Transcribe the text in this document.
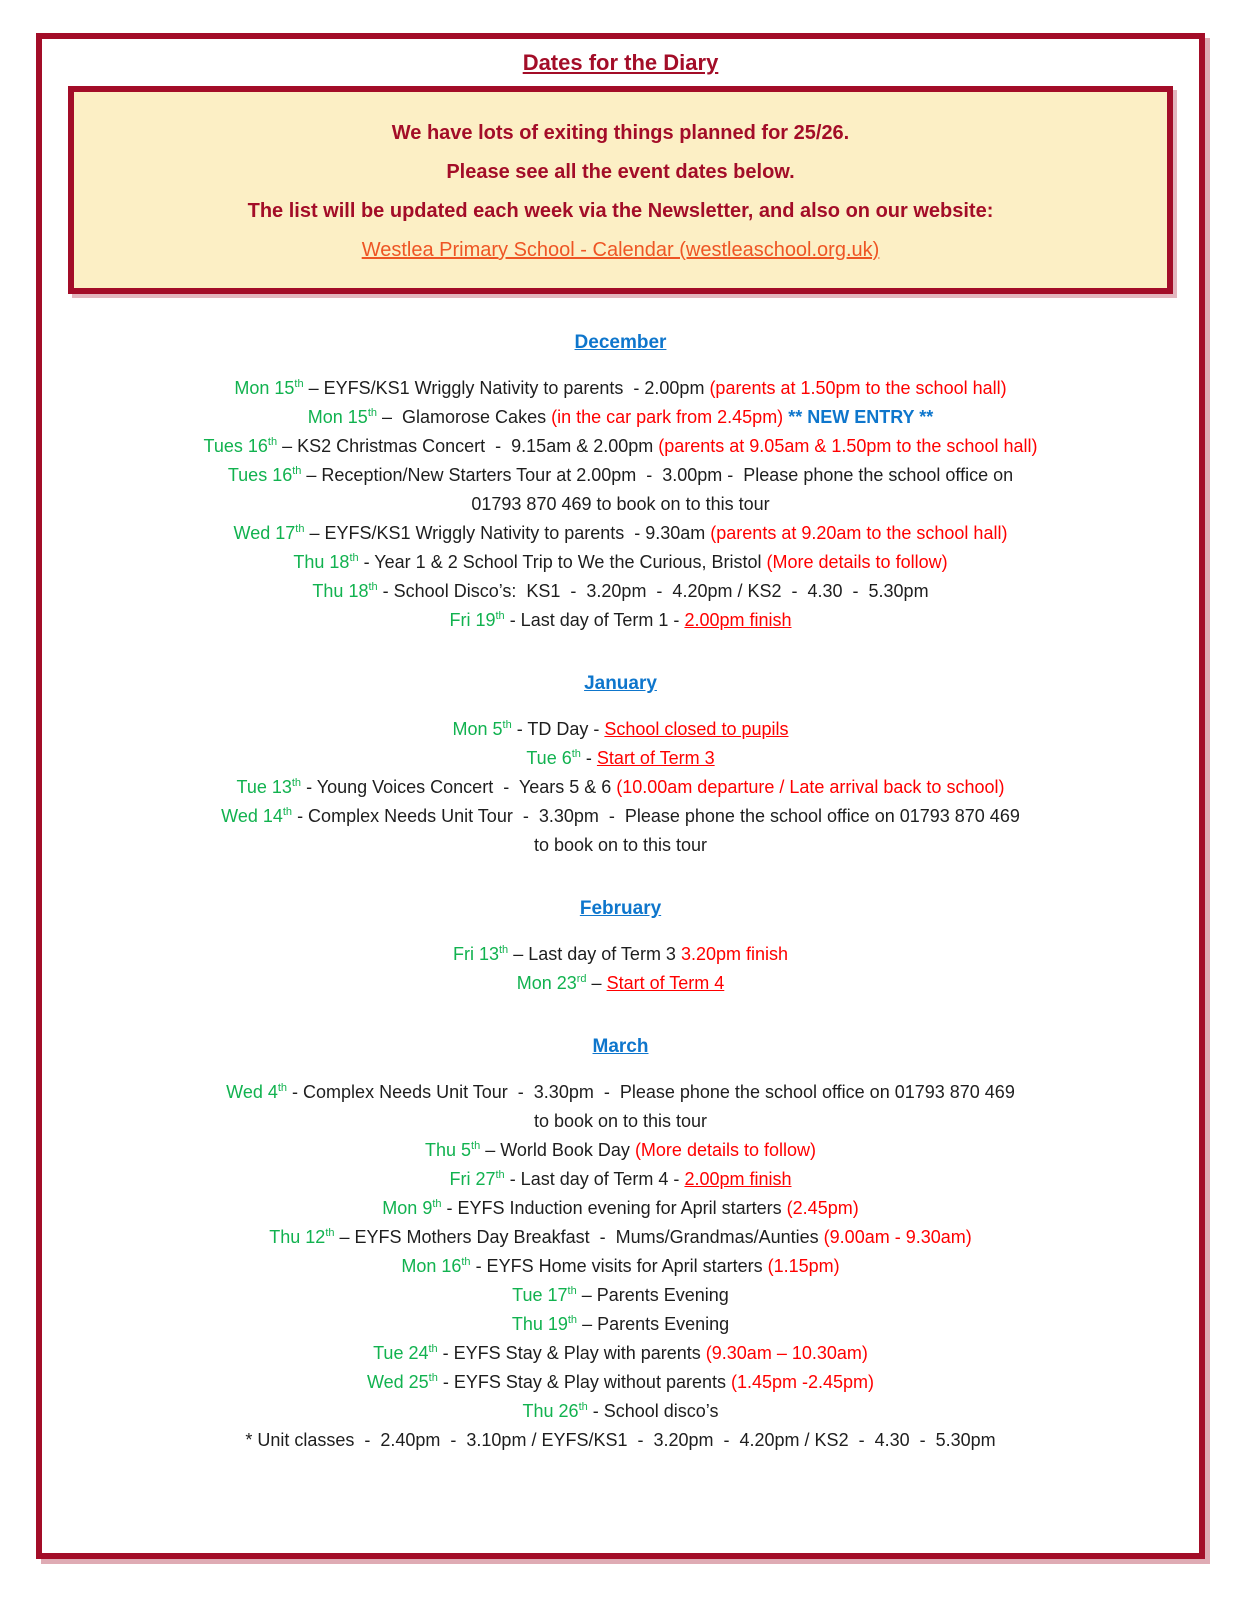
Dates for the Diary

We have lots of exiting things planned for 25/26.

Please see all the event dates below.

The list will be updated each week via the Newsletter, and also on our website:

Westlea Primary School - Calendar (westleaschool.org.uk)

December

Mon 15th – EYFS/KS1 Wriggly Nativity to parents  - 2.00pm (parents at 1.50pm to the school hall)

Mon 15th –  Glamorose Cakes (in the car park from 2.45pm) ** NEW ENTRY **

Tues 16th – KS2 Christmas Concert  -  9.15am & 2.00pm (parents at 9.05am & 1.50pm to the school hall)

Tues 16th – Reception/New Starters Tour at 2.00pm  -  3.00pm -  Please phone the school office on

01793 870 469 to book on to this tour

Wed 17th – EYFS/KS1 Wriggly Nativity to parents  - 9.30am (parents at 9.20am to the school hall)

Thu 18th - Year 1 & 2 School Trip to We the Curious, Bristol (More details to follow)

Thu 18th - School Disco’s:  KS1  -  3.20pm  -  4.20pm / KS2  -  4.30  -  5.30pm

Fri 19th - Last day of Term 1 - 2.00pm finish

January

Mon 5th - TD Day - School closed to pupils

Tue 6th - Start of Term 3

Tue 13th - Young Voices Concert  -  Years 5 & 6 (10.00am departure / Late arrival back to school)

Wed 14th - Complex Needs Unit Tour  -  3.30pm  -  Please phone the school office on 01793 870 469

to book on to this tour

February

Fri 13th – Last day of Term 3 3.20pm finish

Mon 23rd – Start of Term 4

March

Wed 4th - Complex Needs Unit Tour  -  3.30pm  -  Please phone the school office on 01793 870 469

to book on to this tour

Thu 5th – World Book Day (More details to follow)

Fri 27th - Last day of Term 4 - 2.00pm finish

Mon 9th - EYFS Induction evening for April starters (2.45pm)

Thu 12th – EYFS Mothers Day Breakfast  -  Mums/Grandmas/Aunties (9.00am - 9.30am)

Mon 16th - EYFS Home visits for April starters (1.15pm)

Tue 17th – Parents Evening

Thu 19th – Parents Evening

Tue 24th - EYFS Stay & Play with parents (9.30am – 10.30am)

Wed 25th - EYFS Stay & Play without parents (1.45pm -2.45pm)

Thu 26th - School disco’s

* Unit classes  -  2.40pm  -  3.10pm / EYFS/KS1  -  3.20pm  -  4.20pm / KS2  -  4.30  -  5.30pm
